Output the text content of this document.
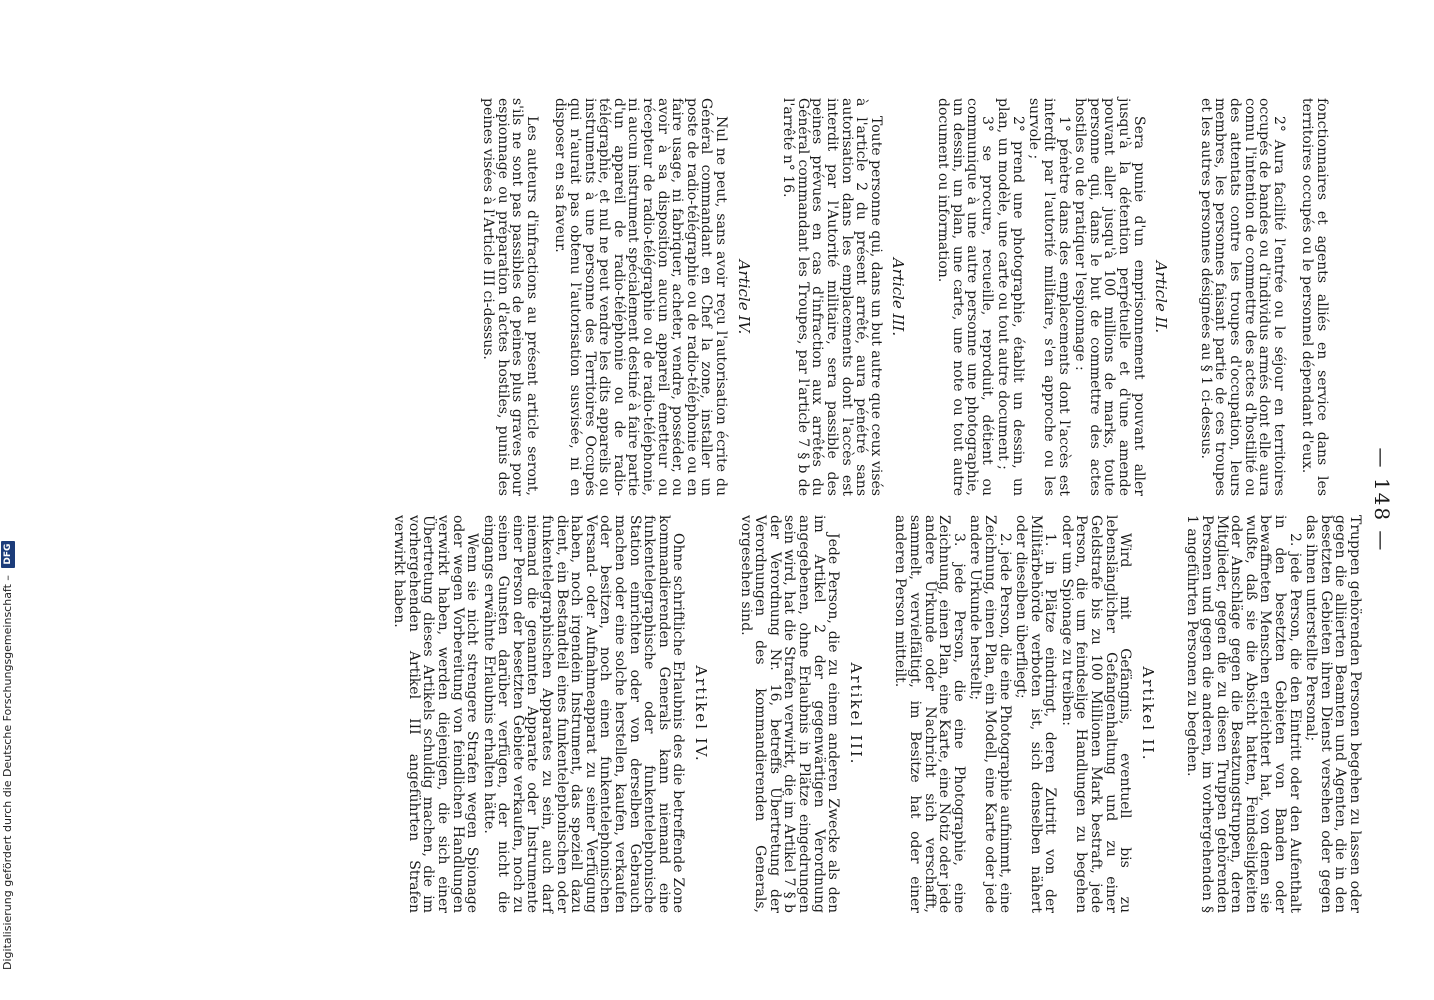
— 148 —

fonctionnaires et agents alliés en service dans les territoires occupés ou le personnel dépendant d'eux.

2° Aura facilité l'entrée ou le séjour en territoires occupés de bandes ou d'individus armés dont elle aura connu l'intention de commettre des actes d'hostilité ou des attentats contre les troupes d'occupation, leurs membres, les personnes faisant partie de ces troupes et les autres personnes désignées au § 1 ci-dessus.

Article II.

Sera punie d'un emprisonnement pouvant aller jusqu'à la détention perpétuelle et d'une amende pouvant aller jusqu'à 100 millions de marks, toute personne qui, dans le but de commettre des actes hostiles ou de pratiquer l'espionnage :

1° pénètre dans des emplacements dont l'accès est interdit par l'autorité militaire, s'en approche ou les survole ;

2° prend une photographie, établit un dessin, un plan, un modèle, une carte ou tout autre document ;

3° se procure, recueille, reproduit, détient ou communique à une autre personne une photographie, un dessin, un plan, une carte, une note ou tout autre document ou information.

Article III.

Toute personne qui, dans un but autre que ceux visés à l'article 2 du présent arrêté, aura pénétré sans autorisation dans les emplacements dont l'accès est interdit par l'Autorité militaire, sera passible des peines prévues en cas d'infraction aux arrêtés du Général commandant les Troupes, par l'article 7 § b de l'arrêté n° 16.

Article IV.

Nul ne peut, sans avoir reçu l'autorisation écrite du Général commandant en Chef la zone, installer un poste de radio-télégraphie ou de radio-téléphonie ou en faire usage, ni fabriquer, acheter, vendre, posséder, ou avoir à sa disposition aucun appareil émetteur ou récepteur de radio-télégraphie ou de radio-téléphonie, ni aucun instrument spécialement destiné à faire partie d'un appareil de radio-téléphonie ou de radio-télégraphie, et nul ne peut vendre les dits appareils ou instruments à une personne des Territoires Occupés qui n'aurait pas obtenu l'autorisation susvisée, ni en disposer en sa faveur.

Les auteurs d'infractions au présent article seront, s'ils ne sont pas passibles de peines plus graves pour espionnage ou préparation d'actes hostiles, punis des peines visées à l'Article III ci-dessus.

Truppen gehörenden Personen begehen zu lassen oder gegen die alliierten Beamten und Agenten, die in den besetzten Gebieten ihren Dienst versehen oder gegen das ihnen unterstellte Personal;

2. jede Person, die den Eintritt oder den Aufenthalt in den besetzten Gebieten von Banden oder bewaffneten Menschen erleichtert hat, von denen sie wußte, daß sie die Absicht hatten, Feindseligkeiten oder Anschläge gegen die Besatzungstruppen, deren Mitglieder, gegen die zu diesen Truppen gehörenden Personen und gegen die anderen, im vorhergehenden § 1 angeführten Personen zu begehen.

Artikel II.

Wird mit Gefängnis, eventuell bis zu lebenslänglicher Gefangenhaltung und zu einer Geldstrafe bis zu 100 Millionen Mark bestraft, jede Person, die um feindselige Handlungen zu begehen oder um Spionage zu treiben:

1. in Plätze eindringt, deren Zutritt von der Militärbehörde verboten ist, sich denselben nähert oder dieselben überfliegt;

2. jede Person, die eine Photographie aufnimmt, eine Zeichnung, einen Plan, ein Modell, eine Karte oder jede andere Urkunde herstellt;

3. jede Person, die eine Photographie, eine Zeichnung, einen Plan, eine Karte, eine Notiz oder jede andere Urkunde oder Nachricht sich verschafft, sammelt, vervielfältigt, im Besitze hat oder einer anderen Person mitteilt.

Artikel III.

Jede Person, die zu einem anderen Zwecke als den im Artikel 2 der gegenwärtigen Verordnung angegebenen, ohne Erlaubnis in Plätze eingedrungen sein wird, hat die Strafen verwirkt, die im Artikel 7 § b der Verordnung Nr. 16, betreffs Übertretung der Verordnungen des kommandierenden Generals, vorgesehen sind.

Artikel IV.

Ohne schriftliche Erlaubnis des die betreffende Zone kommandierenden Generals kann niemand eine funkentelegraphische oder funkentelephonische Station einrichten oder von derselben Gebrauch machen oder eine solche herstellen, kaufen, verkaufen oder besitzen, noch einen funkentelephonischen Versand- oder Aufnahmeapparat zu seiner Verfügung haben, noch irgendein Instrument, das speziell dazu dient, ein Bestandteil eines funkentelephonischen oder funkentelegraphischen Apparates zu sein, auch darf niemand die genannten Apparate oder Instrumente einer Person der besetzten Gebiete verkaufen, noch zu seinen Gunsten darüber verfügen, der nicht die eingangs erwähnte Erlaubnis erhalten hätte.

Wenn sie nicht strengere Strafen wegen Spionage oder wegen Vorbereitung von feindlichen Handlungen verwirkt haben, werden diejenigen, die sich einer Übertretung dieses Artikels schuldig machen, die im vorhergehenden Artikel III angeführten Strafen verwirkt haben.

Digitalisierung gefördert durch die Deutsche Forschungsgemeinschaft – DFG
